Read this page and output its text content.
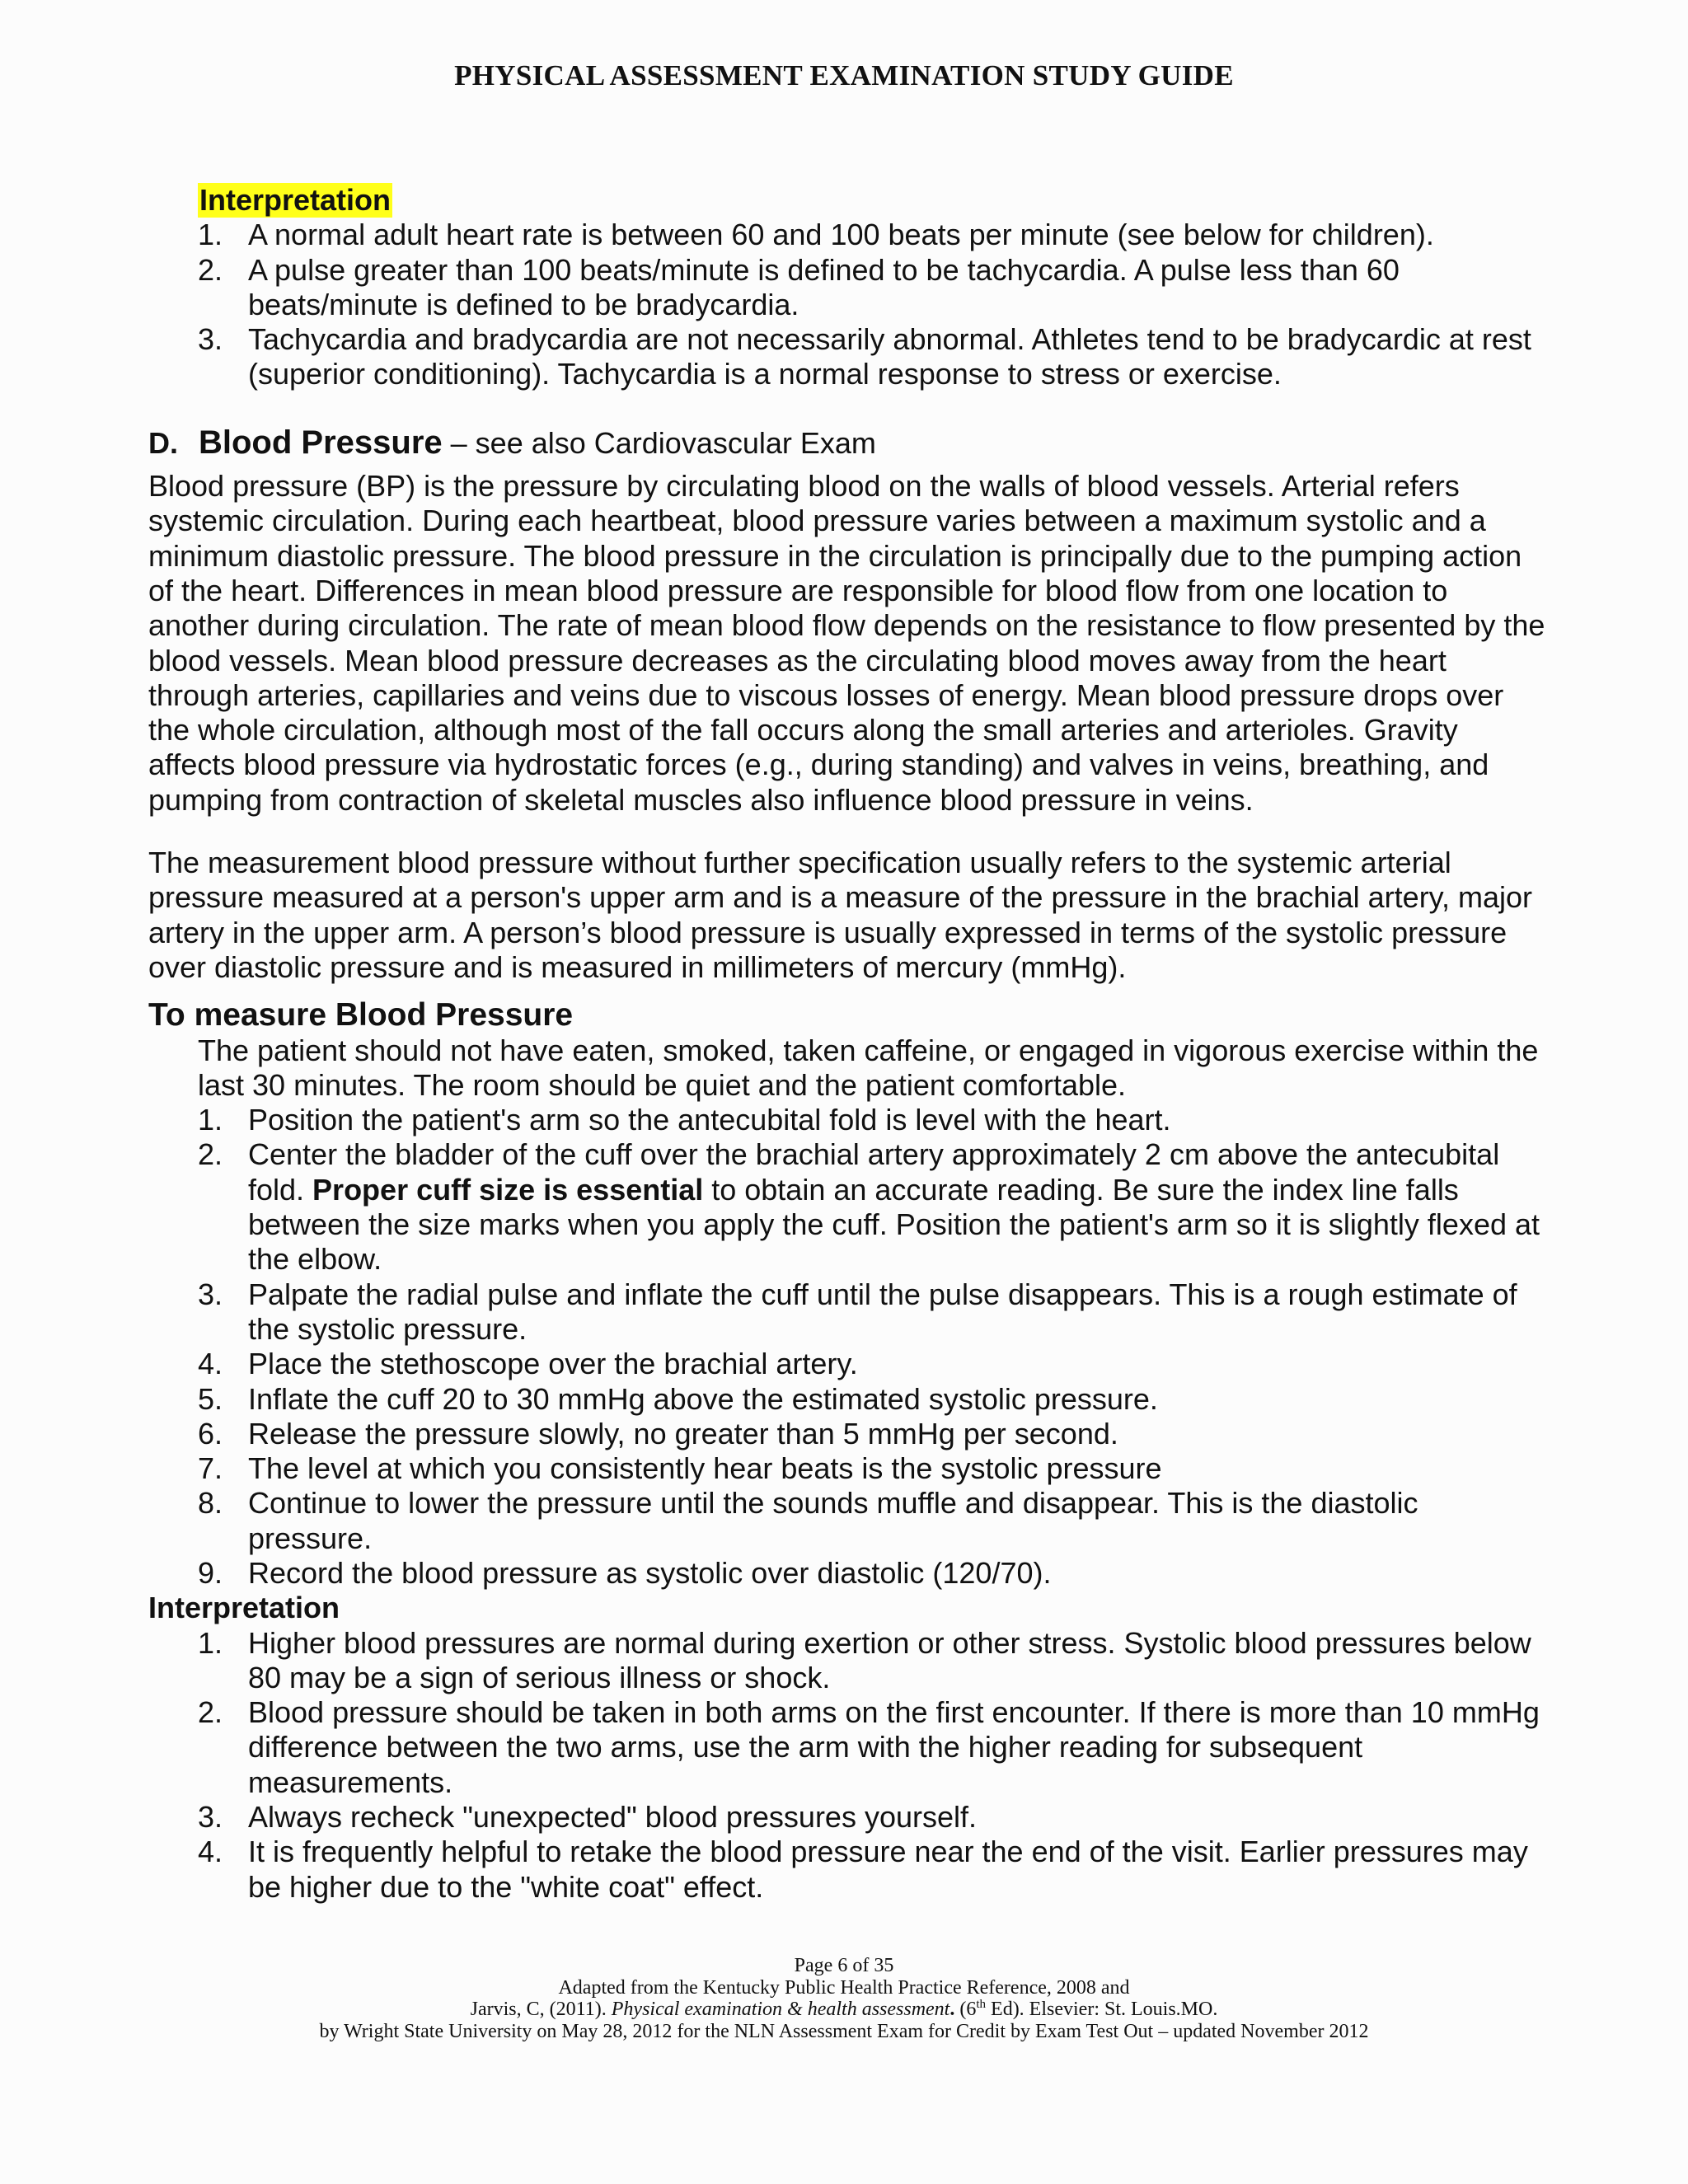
PHYSICAL ASSESSMENT EXAMINATION STUDY GUIDE
Interpretation
1. A normal adult heart rate is between 60 and 100 beats per minute (see below for children).
2. A pulse greater than 100 beats/minute is defined to be tachycardia. A pulse less than 60 beats/minute is defined to be bradycardia.
3. Tachycardia and bradycardia are not necessarily abnormal. Athletes tend to be bradycardic at rest (superior conditioning). Tachycardia is a normal response to stress or exercise.
D. Blood Pressure – see also Cardiovascular Exam
Blood pressure (BP) is the pressure by circulating blood on the walls of blood vessels. Arterial refers systemic circulation. During each heartbeat, blood pressure varies between a maximum systolic and a minimum diastolic pressure. The blood pressure in the circulation is principally due to the pumping action of the heart. Differences in mean blood pressure are responsible for blood flow from one location to another during circulation. The rate of mean blood flow depends on the resistance to flow presented by the blood vessels. Mean blood pressure decreases as the circulating blood moves away from the heart through arteries, capillaries and veins due to viscous losses of energy. Mean blood pressure drops over the whole circulation, although most of the fall occurs along the small arteries and arterioles. Gravity affects blood pressure via hydrostatic forces (e.g., during standing) and valves in veins, breathing, and pumping from contraction of skeletal muscles also influence blood pressure in veins.
The measurement blood pressure without further specification usually refers to the systemic arterial pressure measured at a person's upper arm and is a measure of the pressure in the brachial artery, major artery in the upper arm. A person’s blood pressure is usually expressed in terms of the systolic pressure over diastolic pressure and is measured in millimeters of mercury (mmHg).
To measure Blood Pressure
The patient should not have eaten, smoked, taken caffeine, or engaged in vigorous exercise within the last 30 minutes. The room should be quiet and the patient comfortable.
1. Position the patient's arm so the antecubital fold is level with the heart.
2. Center the bladder of the cuff over the brachial artery approximately 2 cm above the antecubital fold. Proper cuff size is essential to obtain an accurate reading. Be sure the index line falls between the size marks when you apply the cuff. Position the patient's arm so it is slightly flexed at the elbow.
3. Palpate the radial pulse and inflate the cuff until the pulse disappears. This is a rough estimate of the systolic pressure.
4. Place the stethoscope over the brachial artery.
5. Inflate the cuff 20 to 30 mmHg above the estimated systolic pressure.
6. Release the pressure slowly, no greater than 5 mmHg per second.
7. The level at which you consistently hear beats is the systolic pressure
8. Continue to lower the pressure until the sounds muffle and disappear. This is the diastolic pressure.
9. Record the blood pressure as systolic over diastolic (120/70).
Interpretation
1. Higher blood pressures are normal during exertion or other stress. Systolic blood pressures below 80 may be a sign of serious illness or shock.
2. Blood pressure should be taken in both arms on the first encounter. If there is more than 10 mmHg difference between the two arms, use the arm with the higher reading for subsequent measurements.
3. Always recheck "unexpected" blood pressures yourself.
4. It is frequently helpful to retake the blood pressure near the end of the visit. Earlier pressures may be higher due to the "white coat" effect.
Page 6 of 35
Adapted from the Kentucky Public Health Practice Reference, 2008 and
Jarvis, C, (2011). Physical examination & health assessment. (6th Ed). Elsevier: St. Louis.MO.
by Wright State University on May 28, 2012 for the NLN Assessment Exam for Credit by Exam Test Out – updated November 2012
